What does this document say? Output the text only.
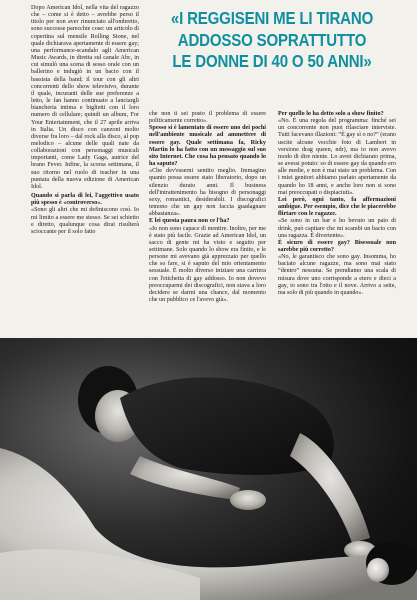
Dopo American Idol, nella vita del ragazzo che – come si è detto – avrebbe perso il titolo per non aver rinunciato all'ombretto, sono successe parecchie cose: un articolo di copertina sul mensile Rolling Stone, nel quale dichiarava apertamente di essere gay; una performance-scandalo agli American Music Awards, in diretta sul canale Abc, in cui simulò una scena di sesso orale con un ballerino e indugiò in un bacio con il bassista della band; il tour con gli altri concorrenti dello show televisivo, durante il quale, incuranti delle sue preferenze a letto, le fan hanno continuato a lanciargli biancheria intima e biglietti con il loro numero di cellulare; quindi un album, For Your Entertainment, che il 27 aprile arriva in Italia. Un disco con canzoni molto diverse fra loro – dal rock alla disco, al pop melodico – alcune delle quali nate da collaborazioni con personaggi musicali importanti, come Lady Gaga, autrice del brano Fever. Infine, la scorsa settimana, il suo ritorno nel ruolo di teacher in una puntata della nuova edizione di American Idol.

Quando si parla di lei, l'aggettivo usato più spesso è «controverso».

«Sono gli altri che mi definiscono così. Io mi limito a essere me stesso. Se sei schietto e diretto, qualunque cosa dirai risulterà scioccante per il solo fatto

«I REGGISENI ME LI TIRANO
ADDOSSO SOPRATTUTTO
LE DONNE DI 40 O 50 ANNI»

che non ti sei posto il problema di essere politicamente corretto».

Spesso si è lamentato di essere uno dei pochi nell'ambiente musicale ad ammettere di essere gay. Quale settimana fa, Ricky Martin lo ha fatto con un messaggio sul suo sito Internet. Che cosa ha pensato quando lo ha saputo?

«Che dev'esserni sentito meglio. Immagino quanto possa essere stato liberatorio, dopo un silenzio durato anni. Il business dell'intrattenimento ha bisogno di personaggi sexy, romantici, desiderabili. I discografici temono che un gay non faccia guadagnare abbastanza».

E lei questa paura non ce l'ha?

«Io non sono capace di mentire. Inoltre, per me è stato più facile. Grazie ad American Idol, un sacco di gente mi ha visto e seguito per settimane. Solo quando lo show era finito, e le persone mi avevano già apprezzato per quello che so fare, si è saputo del mio orientamento sessuale. È molto diverso iniziare una carriera con l'etichetta di gay addosso. Io non dovevo preoccuparmi dei discografici, non stava a loro decidere se darmi una chance, dal momento che un pubblico ce l'avevo già».

Per quello lo ha detto solo a show finito?

«No. È una regola del programma: finché sei un concorrente non puoi rilasciare interviste. Tutti facevano illazioni: “È gay sì o no?” (erano uscite alcune vecchie foto di Lambert in versione drag queen, ndr), ma io non avevo modo di dire niente. Lo avrei dichiarato prima, se avessi potuto: so di essere gay da quando ero alle medie, e non è mai stato un problema. Con i miei genitori abbiamo parlato apertamente da quando ho 18 anni, e anche loro non si sono mai preoccupati o dispiaciuti».

Lei però, ogni tanto, fa affermazioni ambigue. Per esempio, dice che le piacerebbe flirtare con le ragazze.

«Se sono in un bar e ho bevuto un paio di drink, può capitare che mi scambi un bacio con una ragazza. È divertente».

È sicuro di essere gay? Bisessuale non sarebbe più corretto?

«No, le garantisco che sono gay. Insomma, ho baciato alcune ragazze, ma sono mai stato “dentro” nessuna. Se prendiamo una scala di misura dove uno corrisponde a etero e dieci a gay, io sono tra l'otto e il nove. Arrivo a sette, ma solo di più quando in quando».
